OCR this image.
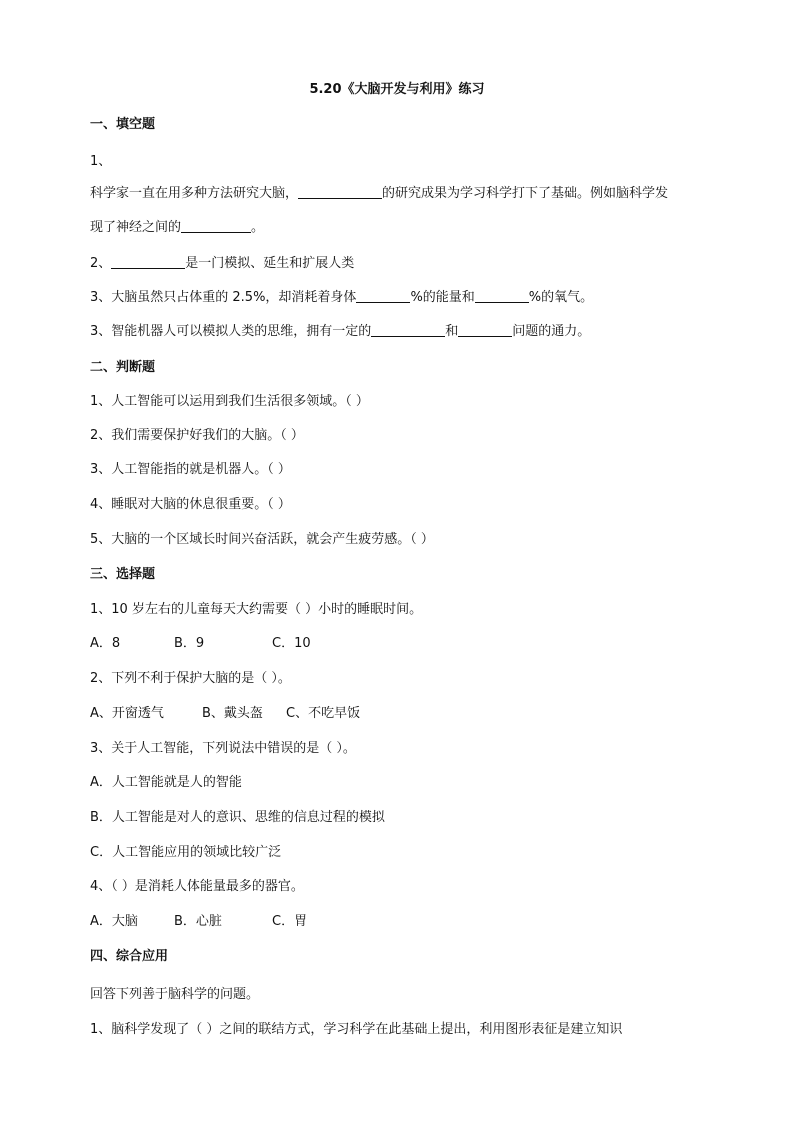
5.20《大脑开发与利用》练习
一、填空题
1、
科学家一直在用多种方法研究大脑，	的研究成果为学习科学打下了基础。例如脑科学发
现了神经之间的	。
2、	是一门模拟、延生和扩展人类
3、大脑虽然只占体重的 2.5%，却消耗着身体	%的能量和	%的氧气。
3、智能机器人可以模拟人类的思维，拥有一定的	和	问题的通力。
二、判断题
1、人工智能可以运用到我们生活很多领域。（ ）
2、我们需要保护好我们的大脑。（ ）
3、人工智能指的就是机器人。（ ）
4、睡眠对大脑的休息很重要。（ ）
5、大脑的一个区域长时间兴奋活跃，就会产生疲劳感。（ ）
三、选择题
1、10 岁左右的儿童每天大约需要（ ）小时的睡眠时间。
A．8	B．9	C．10
2、下列不利于保护大脑的是（ ）。
A、开窗透气	B、戴头盔 C、不吃早饭
3、关于人工智能，下列说法中错误的是（ ）。
A．人工智能就是人的智能
B．人工智能是对人的意识、思维的信息过程的模拟
C．人工智能应用的领域比较广泛
4、（ ）是消耗人体能量最多的器官。
A．大脑	B．心脏	C．胃
四、综合应用
回答下列善于脑科学的问题。
1、脑科学发现了（ ）之间的联结方式，学习科学在此基础上提出，利用图形表征是建立知识
